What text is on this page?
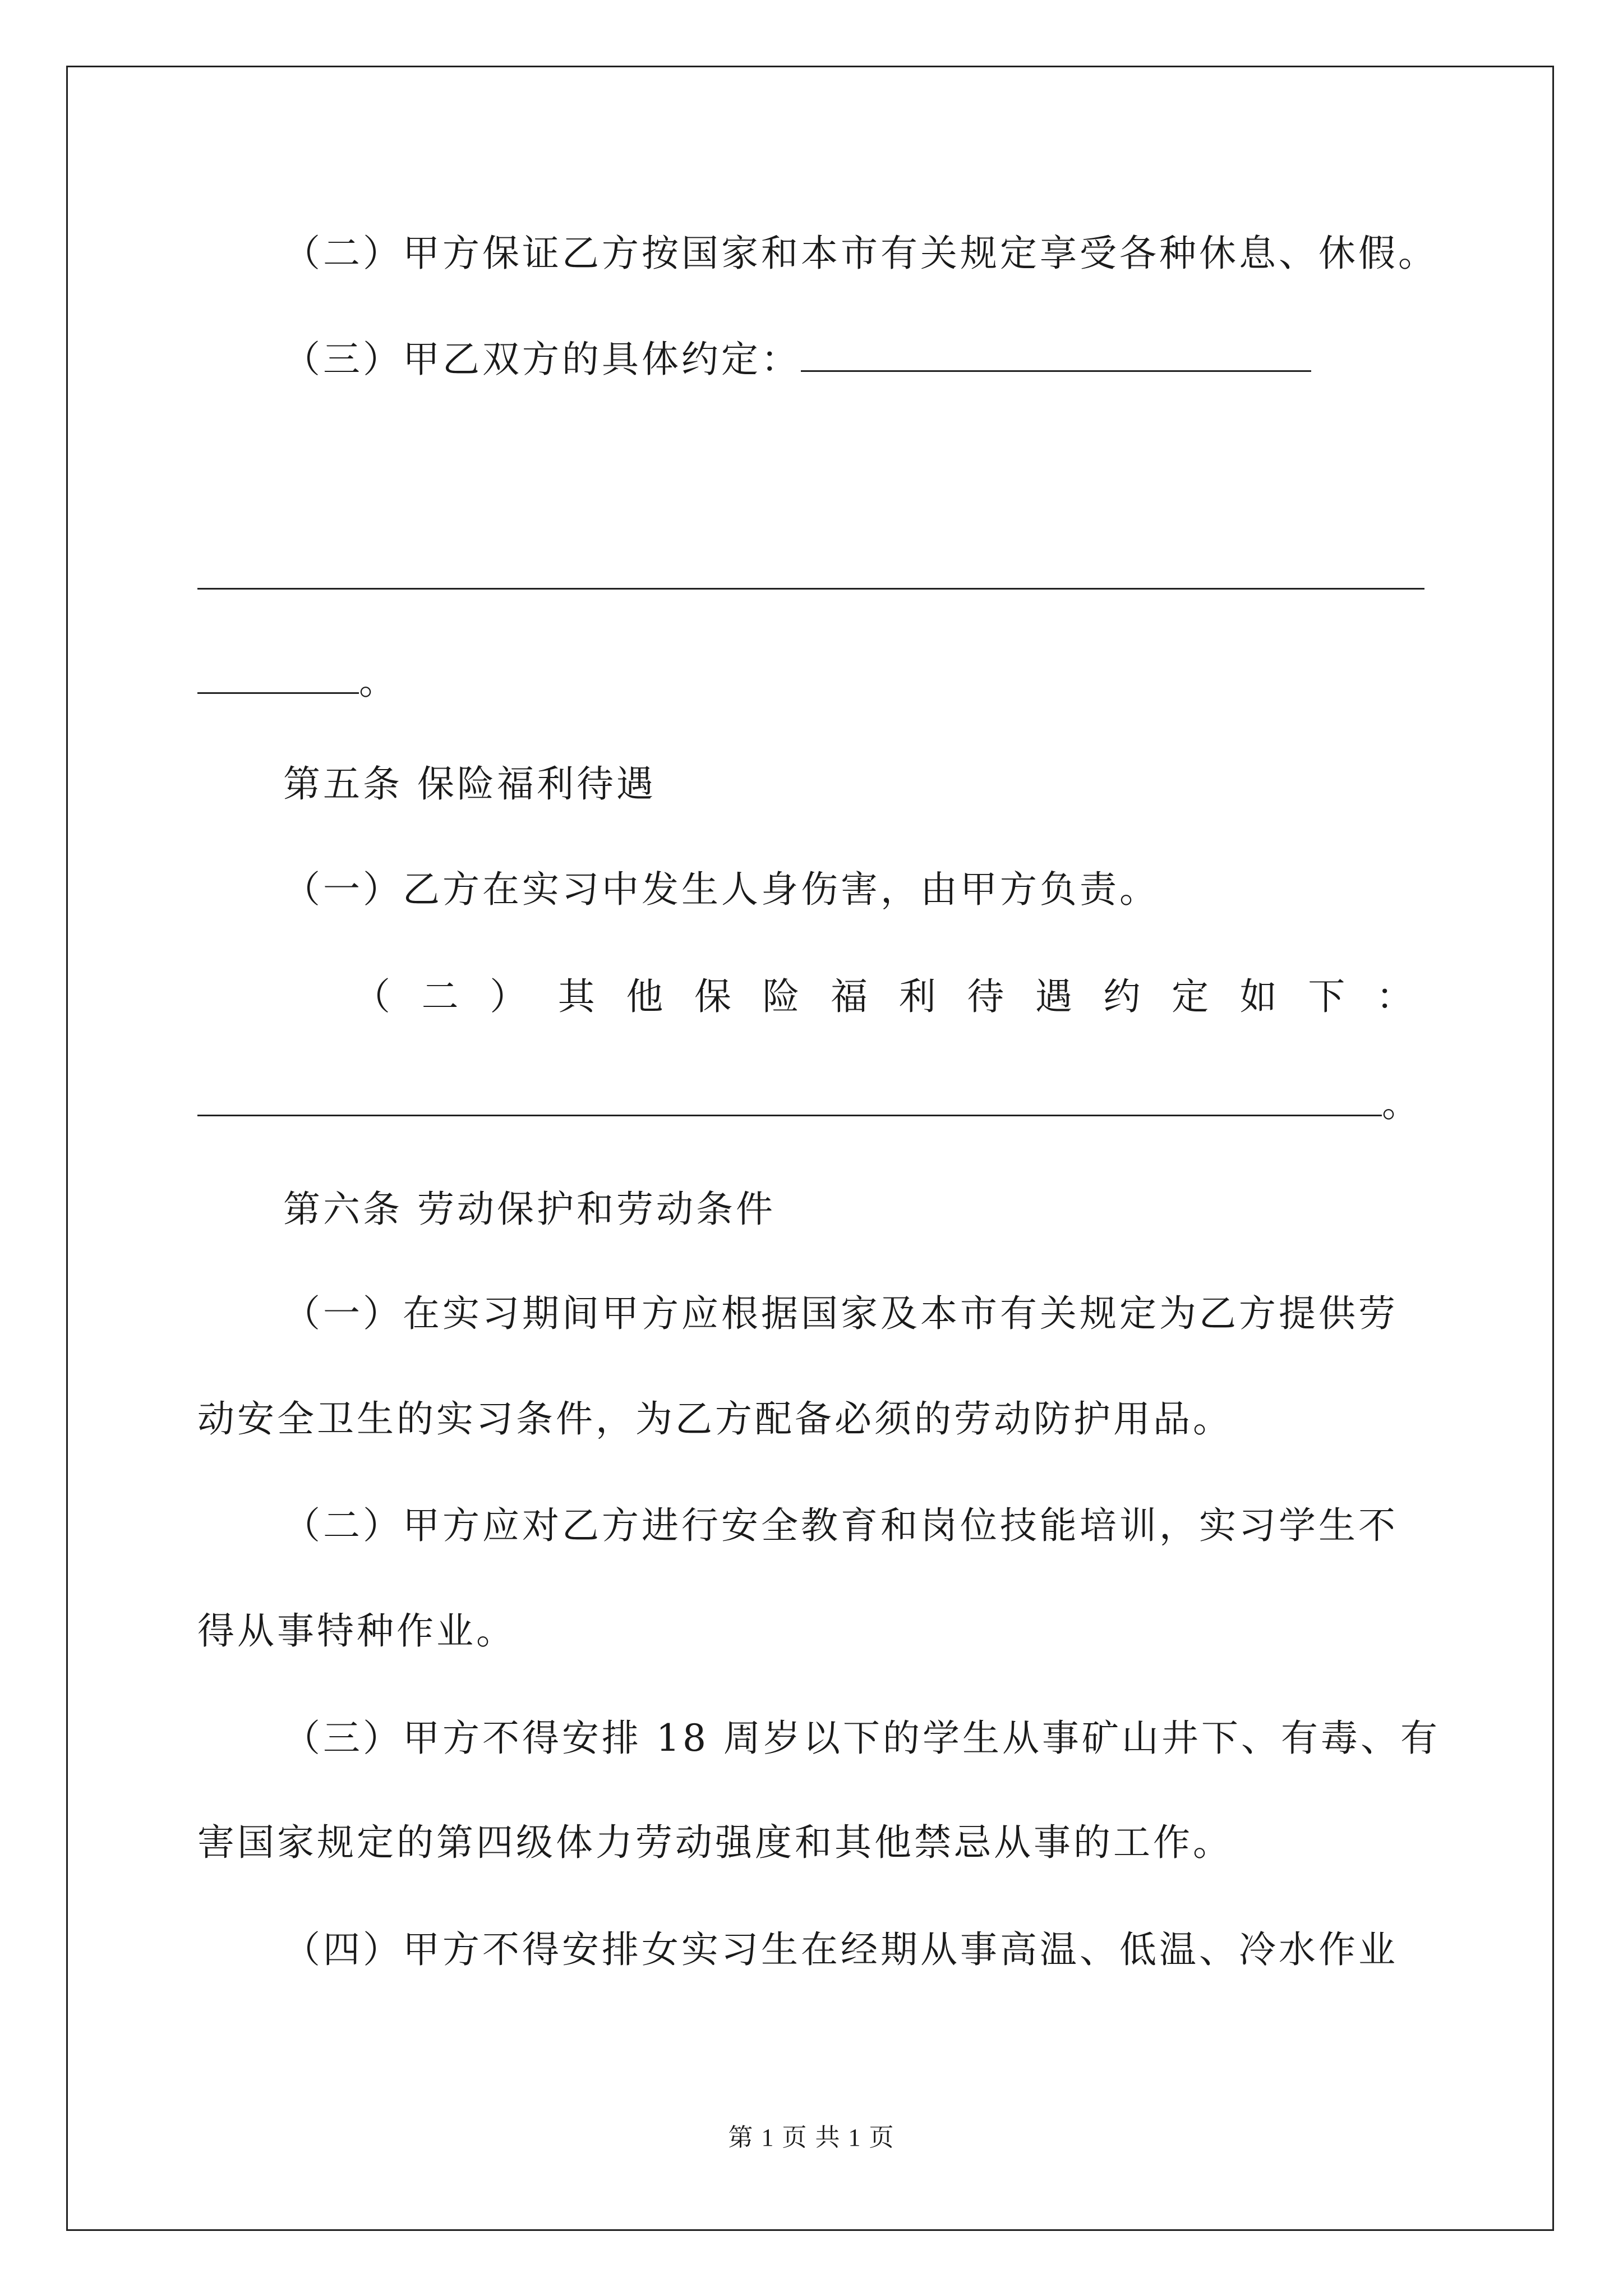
（二）甲方保证乙方按国家和本市有关规定享受各种休息、休假。
（三）甲乙双方的具体约定：
。
第五条 保险福利待遇
（一）乙方在实习中发生人身伤害，由甲方负责。
（ 二 ） 其 他 保 险 福 利 待 遇 约 定 如 下 ：
。
第六条 劳动保护和劳动条件
（一）在实习期间甲方应根据国家及本市有关规定为乙方提供劳
动安全卫生的实习条件，为乙方配备必须的劳动防护用品。
（二）甲方应对乙方进行安全教育和岗位技能培训，实习学生不
得从事特种作业。
（三）甲方不得安排 18 周岁以下的学生从事矿山井下、有毒、有
害国家规定的第四级体力劳动强度和其他禁忌从事的工作。
（四）甲方不得安排女实习生在经期从事高温、低温、冷水作业
第 1 页 共 1 页
